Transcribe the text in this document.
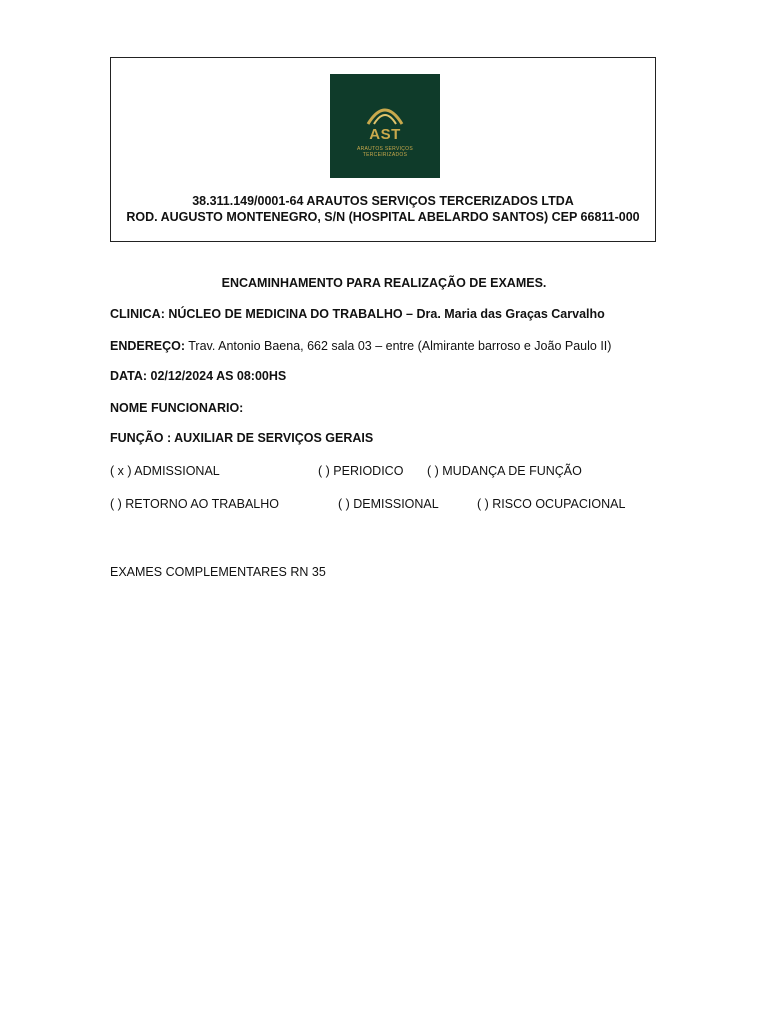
AST
ARAUTOS SERVIÇOS
TERCEIRIZADOS
38.311.149/0001-64 ARAUTOS SERVIÇOS TERCERIZADOS LTDA
ROD. AUGUSTO MONTENEGRO, S/N (HOSPITAL ABELARDO SANTOS) CEP 66811-000
ENCAMINHAMENTO PARA REALIZAÇÃO DE EXAMES.
CLINICA: NÚCLEO DE MEDICINA DO TRABALHO – Dra. Maria das Graças Carvalho
ENDEREÇO: Trav. Antonio Baena, 662 sala 03 – entre (Almirante barroso e João Paulo II)
DATA: 02/12/2024 AS 08:00HS
NOME FUNCIONARIO:
FUNÇÃO : AUXILIAR DE SERVIÇOS GERAIS
( x ) ADMISSIONAL	( ) PERIODICO ( ) MUDANÇA DE FUNÇÃO
( ) RETORNO AO TRABALHO	( ) DEMISSIONAL	( ) RISCO OCUPACIONAL
EXAMES COMPLEMENTARES RN 35
